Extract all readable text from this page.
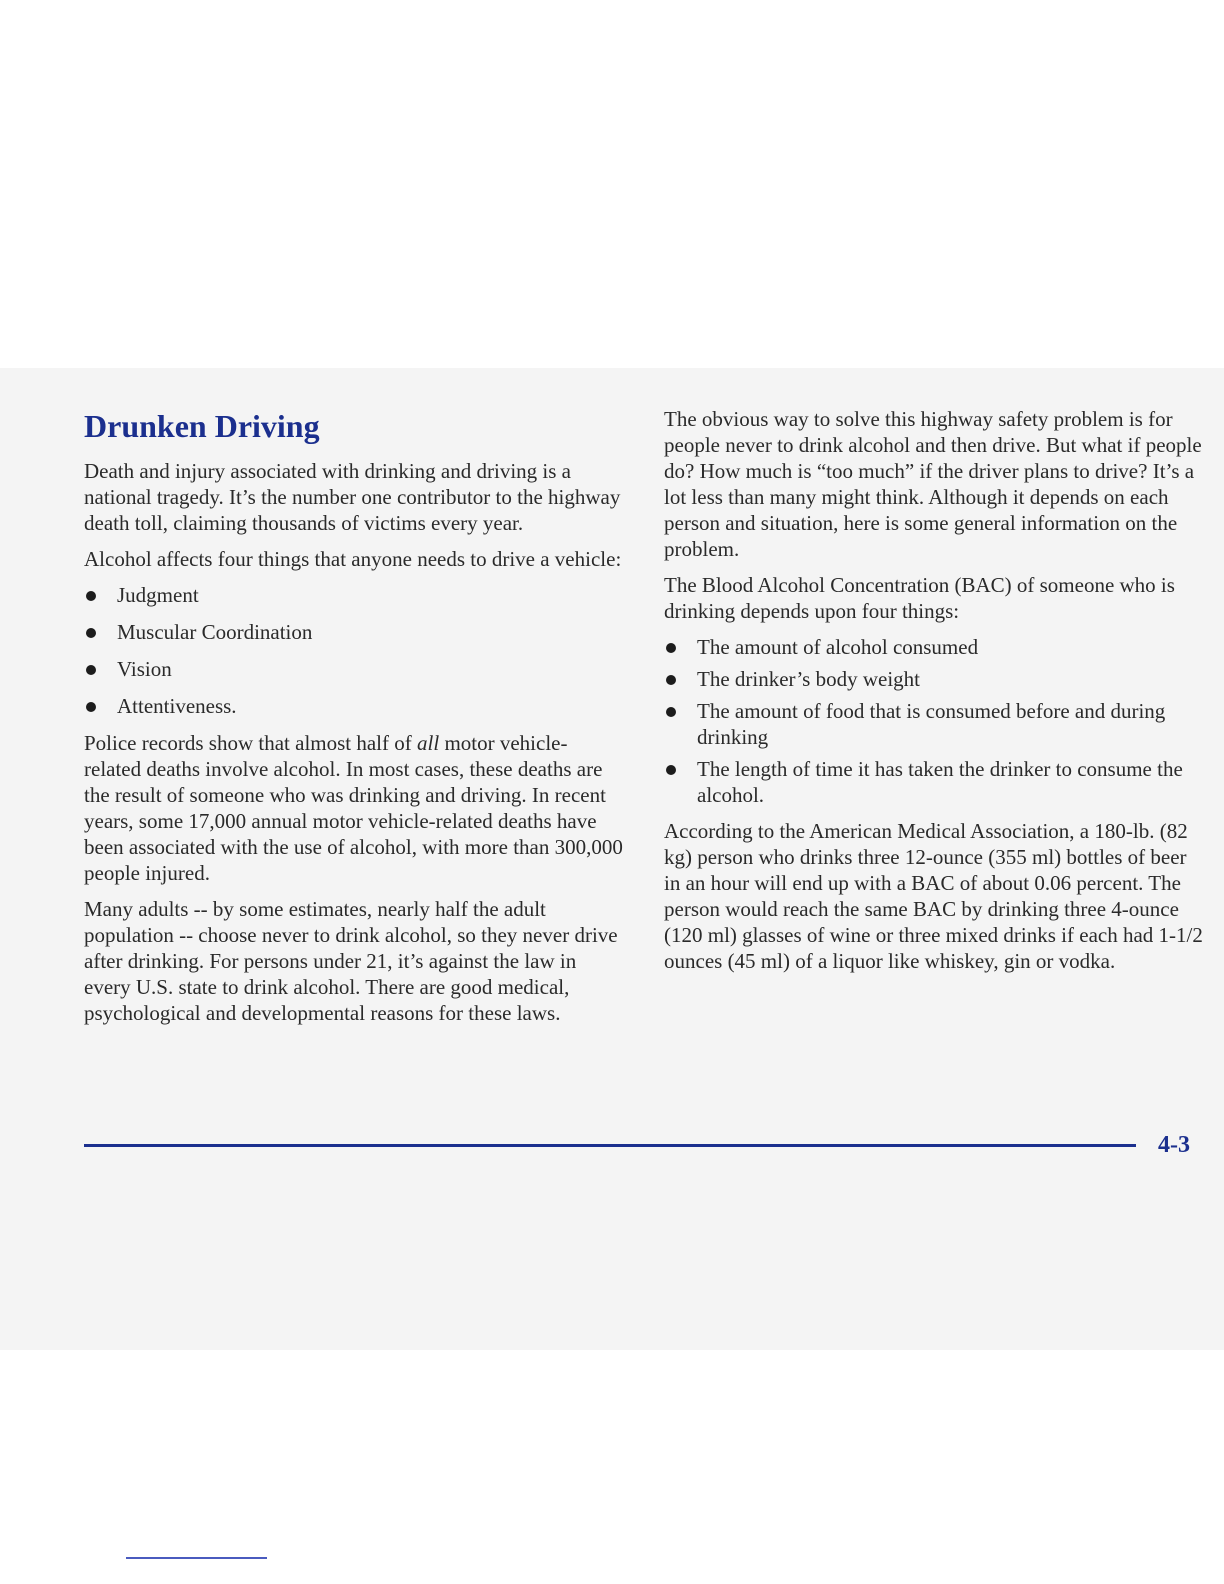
Drunken Driving

Death and injury associated with drinking and driving is a national tragedy. It’s the number one contributor to the highway death toll, claiming thousands of victims every year.

Alcohol affects four things that anyone needs to drive a vehicle:

Judgment
Muscular Coordination
Vision
Attentiveness.

Police records show that almost half of all motor vehicle-related deaths involve alcohol. In most cases, these deaths are the result of someone who was drinking and driving. In recent years, some 17,000 annual motor vehicle-related deaths have been associated with the use of alcohol, with more than 300,000 people injured.

Many adults -- by some estimates, nearly half the adult population -- choose never to drink alcohol, so they never drive after drinking. For persons under 21, it’s against the law in every U.S. state to drink alcohol. There are good medical, psychological and developmental reasons for these laws.

The obvious way to solve this highway safety problem is for people never to drink alcohol and then drive. But what if people do? How much is “too much” if the driver plans to drive? It’s a lot less than many might think. Although it depends on each person and situation, here is some general information on the problem.

The Blood Alcohol Concentration (BAC) of someone who is drinking depends upon four things:

The amount of alcohol consumed
The drinker’s body weight
The amount of food that is consumed before and during drinking
The length of time it has taken the drinker to consume the alcohol.

According to the American Medical Association, a 180-lb. (82 kg) person who drinks three 12-ounce (355 ml) bottles of beer in an hour will end up with a BAC of about 0.06 percent. The person would reach the same BAC by drinking three 4-ounce (120 ml) glasses of wine or three mixed drinks if each had 1-1/2 ounces (45 ml) of a liquor like whiskey, gin or vodka.

4-3
